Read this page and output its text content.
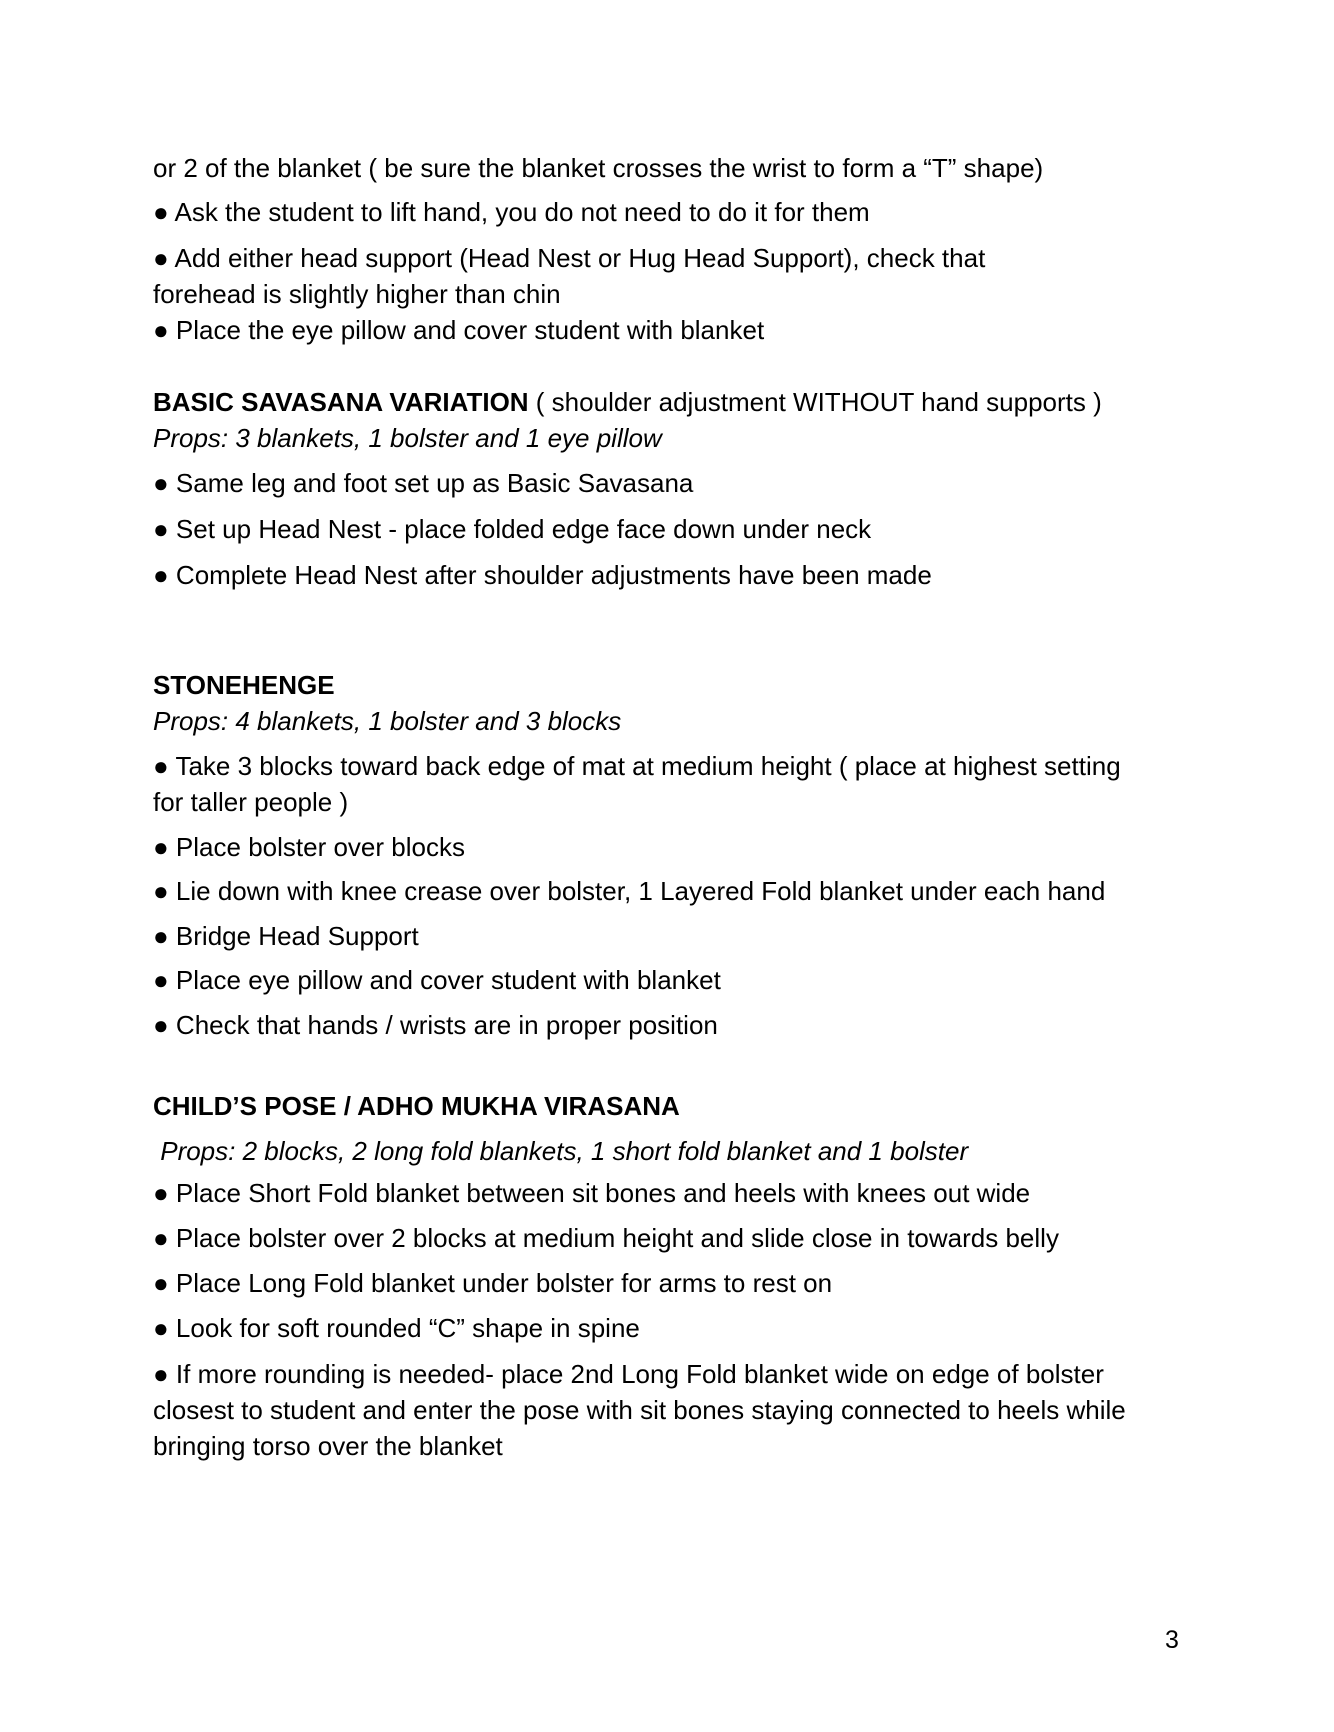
or 2 of the blanket ( be sure the blanket crosses the wrist to form a “T” shape)

● Ask the student to lift hand, you do not need to do it for them

● Add either head support (Head Nest or Hug Head Support), check that

forehead is slightly higher than chin

● Place the eye pillow and cover student with blanket

BASIC SAVASANA VARIATION ( shoulder adjustment WITHOUT hand supports )

Props: 3 blankets, 1 bolster and 1 eye pillow

● Same leg and foot set up as Basic Savasana

● Set up Head Nest - place folded edge face down under neck

● Complete Head Nest after shoulder adjustments have been made

STONEHENGE

Props: 4 blankets, 1 bolster and 3 blocks

● Take 3 blocks toward back edge of mat at medium height ( place at highest setting

for taller people )

● Place bolster over blocks

● Lie down with knee crease over bolster, 1 Layered Fold blanket under each hand

● Bridge Head Support

● Place eye pillow and cover student with blanket

● Check that hands / wrists are in proper position

CHILD’S POSE / ADHO MUKHA VIRASANA

Props: 2 blocks, 2 long fold blankets, 1 short fold blanket and 1 bolster

● Place Short Fold blanket between sit bones and heels with knees out wide

● Place bolster over 2 blocks at medium height and slide close in towards belly

● Place Long Fold blanket under bolster for arms to rest on

● Look for soft rounded “C” shape in spine

● If more rounding is needed- place 2nd Long Fold blanket wide on edge of bolster

closest to student and enter the pose with sit bones staying connected to heels while

bringing torso over the blanket

3
